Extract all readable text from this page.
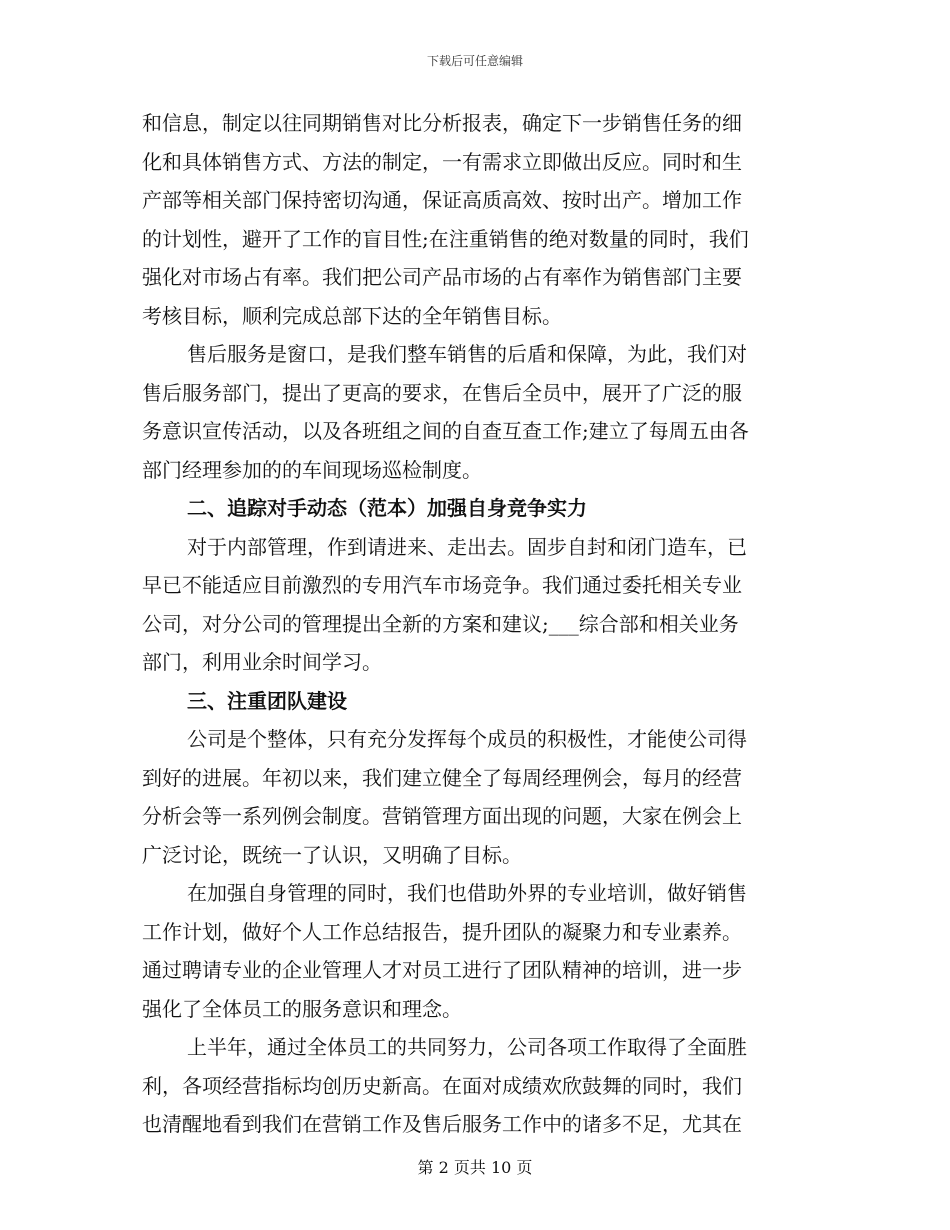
下载后可任意编辑
和信息，制定以往同期销售对比分析报表，确定下一步销售任务的细
化和具体销售方式、方法的制定，一有需求立即做出反应。同时和生
产部等相关部门保持密切沟通，保证高质高效、按时出产。增加工作
的计划性，避开了工作的盲目性;在注重销售的绝对数量的同时，我们
强化对市场占有率。我们把公司产品市场的占有率作为销售部门主要
考核目标，顺利完成总部下达的全年销售目标。
售后服务是窗口，是我们整车销售的后盾和保障，为此，我们对
售后服务部门，提出了更高的要求，在售后全员中，展开了广泛的服
务意识宣传活动，以及各班组之间的自查互查工作;建立了每周五由各
部门经理参加的的车间现场巡检制度。
二、追踪对手动态（范本）加强自身竞争实力
对于内部管理，作到请进来、走出去。固步自封和闭门造车，已
早已不能适应目前激烈的专用汽车市场竞争。我们通过委托相关专业
公司，对分公司的管理提出全新的方案和建议;___综合部和相关业务
部门，利用业余时间学习。
三、注重团队建设
公司是个整体，只有充分发挥每个成员的积极性，才能使公司得
到好的进展。年初以来，我们建立健全了每周经理例会，每月的经营
分析会等一系列例会制度。营销管理方面出现的问题，大家在例会上
广泛讨论，既统一了认识，又明确了目标。
在加强自身管理的同时，我们也借助外界的专业培训，做好销售
工作计划，做好个人工作总结报告，提升团队的凝聚力和专业素养。
通过聘请专业的企业管理人才对员工进行了团队精神的培训，进一步
强化了全体员工的服务意识和理念。
上半年，通过全体员工的共同努力，公司各项工作取得了全面胜
利，各项经营指标均创历史新高。在面对成绩欢欣鼓舞的同时，我们
也清醒地看到我们在营销工作及售后服务工作中的诸多不足，尤其在
第 2 页共 10 页
